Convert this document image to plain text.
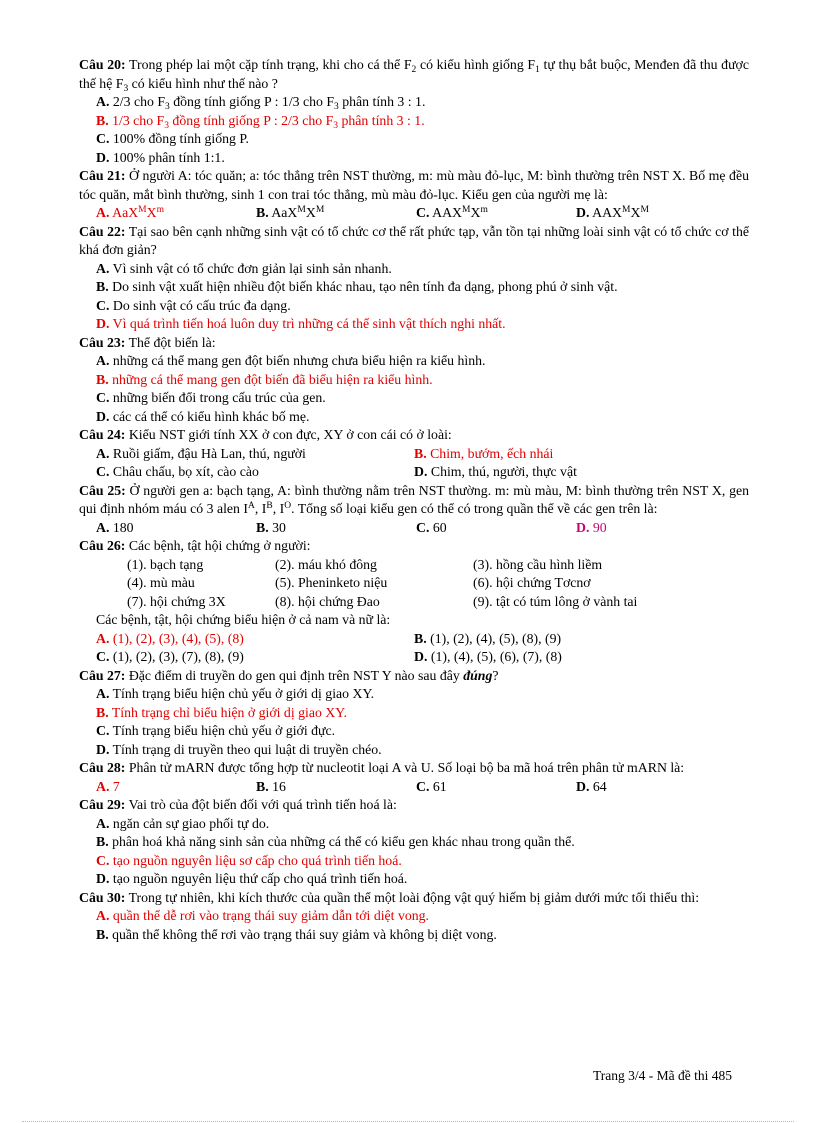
Câu 20: Trong phép lai một cặp tính trạng, khi cho cá thể $F_2$ có kiểu hình giống $F_1$ tự thụ bắt buộc, Menđen đã thu được thế hệ $F_3$ có kiểu hình như thế nào ?
A. 2/3 cho $F_3$ đồng tính giống P : 1/3 cho $F_3$ phân tính 3 : 1.
B. 1/3 cho $F_3$ đồng tính giống P : 2/3 cho $F_3$ phân tính 3 : 1.
C. 100% đồng tính giống P.
D. 100% phân tính 1:1.
Câu 21: Ở người A: tóc quăn; a: tóc thẳng trên NST thường, m: mù màu đỏ-lục, M: bình thường trên NST X. Bố mẹ đều tóc quăn, mắt bình thường, sinh 1 con trai tóc thẳng, mù màu đỏ-lục. Kiểu gen của người mẹ là:
A. $AaX^MX^m$	B. $AaX^MX^M$	C. $AAX^MX^m$	D. $AAX^MX^M$
Câu 22: Tại sao bên cạnh những sinh vật có tổ chức cơ thể rất phức tạp, vẫn tồn tại những loài sinh vật có tổ chức cơ thể khá đơn giản?
A. Vì sinh vật có tổ chức đơn giản lại sinh sản nhanh.
B. Do sinh vật xuất hiện nhiều đột biến khác nhau, tạo nên tính đa dạng, phong phú ở sinh vật.
C. Do sinh vật có cấu trúc đa dạng.
D. Vì quá trình tiến hoá luôn duy trì những cá thể sinh vật thích nghi nhất.
Câu 23: Thể đột biến là:
A. những cá thể mang gen đột biến nhưng chưa biểu hiện ra kiểu hình.
B. những cá thể mang gen đột biến đã biểu hiện ra kiểu hình.
C. những biến đổi trong cấu trúc của gen.
D. các cá thể có kiểu hình khác bố mẹ.
Câu 24: Kiểu NST giới tính XX ở con đực, XY ở con cái có ở loài:
A. Ruồi giấm, đậu Hà Lan, thú, người	B. Chim, bướm, ếch nhái
C. Châu chấu, bọ xít, cào cào	D. Chim, thú, người, thực vật
Câu 25: Ở người gen a: bạch tạng, A: bình thường nằm trên NST thường. m: mù màu, M: bình thường trên NST X, gen qui định nhóm máu có 3 alen $I^A$, $I^B$, $I^O$. Tổng số loại kiểu gen có thể có trong quần thể về các gen trên là:
A. 180	B. 30	C. 60	D. 90
Câu 26: Các bệnh, tật hội chứng ở người:
(1). bạch tạng	(2). máu khó đông	(3). hồng cầu hình liềm
(4). mù màu	(5). Pheninketo niệu	(6). hội chứng Tơcnơ
(7). hội chứng 3X	(8). hội chứng Đao	(9). tật có túm lông ở vành tai
Các bệnh, tật, hội chứng biểu hiện ở cả nam và nữ là:
A. (1), (2), (3), (4), (5), (8)	B. (1), (2), (4), (5), (8), (9)
C. (1), (2), (3), (7), (8), (9)	D. (1), (4), (5), (6), (7), (8)
Câu 27: Đặc điểm di truyền do gen qui định trên NST Y nào sau đây đúng?
A. Tính trạng biểu hiện chủ yếu ở giới dị giao XY.
B. Tính trạng chỉ biểu hiện ở giới dị giao XY.
C. Tính trạng biểu hiện chủ yếu ở giới đực.
D. Tính trạng di truyền theo qui luật di truyền chéo.
Câu 28: Phân tử mARN được tổng hợp từ nucleotit loại A và U. Số loại bộ ba mã hoá trên phân tử mARN là:
A. 7	B. 16	C. 61	D. 64
Câu 29: Vai trò của đột biến đối với quá trình tiến hoá là:
A. ngăn cản sự giao phối tự do.
B. phân hoá khả năng sinh sản của những cá thể có kiểu gen khác nhau trong quần thể.
C. tạo nguồn nguyên liệu sơ cấp cho quá trình tiến hoá.
D. tạo nguồn nguyên liệu thứ cấp cho quá trình tiến hoá.
Câu 30: Trong tự nhiên, khi kích thước của quần thể một loài động vật quý hiếm bị giảm dưới mức tối thiểu thì:
A. quần thể dễ rơi vào trạng thái suy giảm dẫn tới diệt vong.
B. quần thể không thể rơi vào trạng thái suy giảm và không bị diệt vong.
Trang 3/4 - Mã đề thi 485
